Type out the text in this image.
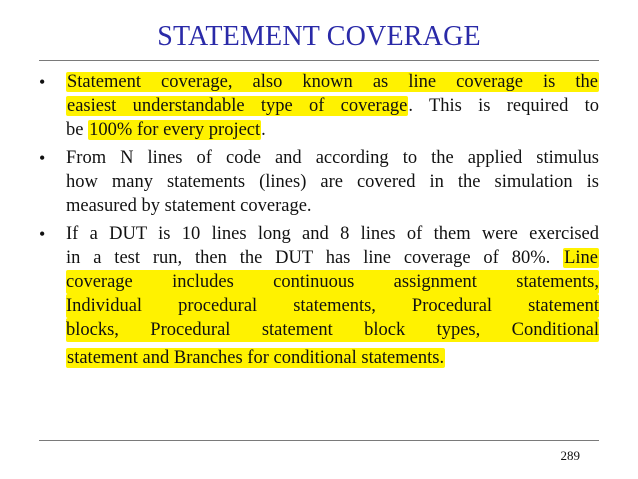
STATEMENT COVERAGE
• Statement coverage, also known as line coverage is the
easiest understandable type of coverage. This is required to
be 100% for every project.
• From N lines of code and according to the applied stimulus
how many statements (lines) are covered in the simulation is
measured by statement coverage.
• If a DUT is 10 lines long and 8 lines of them were exercised
in a test run, then the DUT has line coverage of 80%. Line
coverage includes continuous assignment statements,
Individual procedural statements, Procedural statement
blocks, Procedural statement block types, Conditional
statement and Branches for conditional statements.
289
